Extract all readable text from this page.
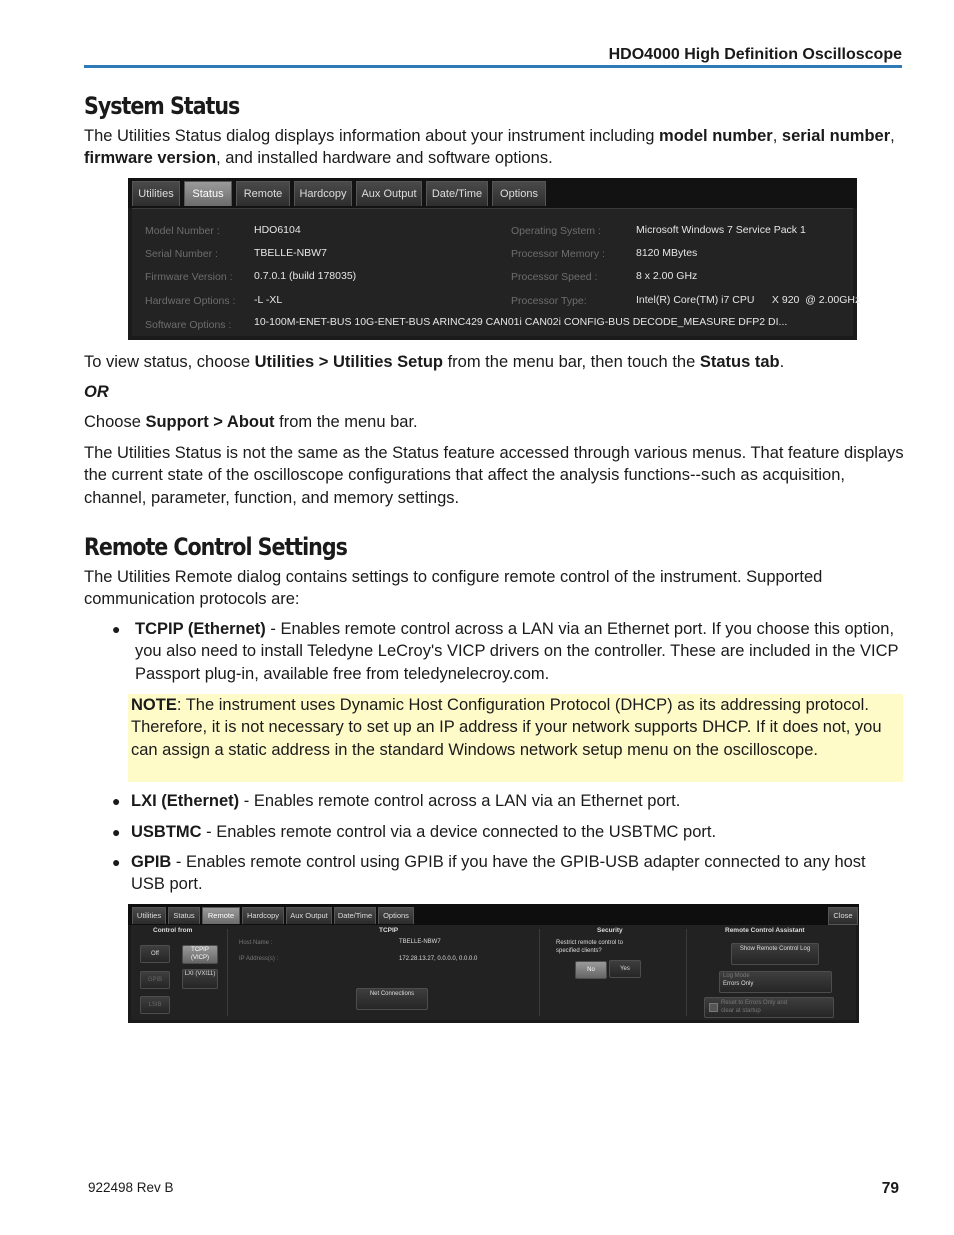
HDO4000 High Definition Oscilloscope
System Status

The Utilities Status dialog displays information about your instrument including model number, serial number, firmware version, and installed hardware and software options.

Utilities	Status	Remote	Hardcopy	Aux Output	Date/Time	Options
Model Number :	HDO6104
Serial Number :	TBELLE-NBW7
Firmware Version : 0.7.0.1 (build 178035)
Hardware Options : -L -XL
Software Options : 10-100M-ENET-BUS 10G-ENET-BUS ARINC429 CAN01i CAN02i CONFIG-BUS DECODE_MEASURE DFP2 DI...
Operating System :	Microsoft Windows 7 Service Pack 1
Processor Memory :	8120 MBytes
Processor Speed :	8 x 2.00 GHz
Processor Type:	Intel(R) Core(TM) i7 CPU      X 920  @ 2.00GHz

To view status, choose Utilities > Utilities Setup from the menu bar, then touch the Status tab.

OR

Choose Support > About from the menu bar.

The Utilities Status is not the same as the Status feature accessed through various menus. That feature displays the current state of the oscilloscope configurations that affect the analysis functions--such as acquisition, channel, parameter, function, and memory settings.

Remote Control Settings

The Utilities Remote dialog contains settings to configure remote control of the instrument. Supported communication protocols are:

● TCPIP (Ethernet) - Enables remote control across a LAN via an Ethernet port. If you choose this option, you also need to install Teledyne LeCroy's VICP drivers on the controller. These are included in the VICP Passport plug-in, available free from teledynelecroy.com.

NOTE: The instrument uses Dynamic Host Configuration Protocol (DHCP) as its addressing protocol. Therefore, it is not necessary to set up an IP address if your network supports DHCP. If it does not, you can assign a static address in the standard Windows network setup menu on the oscilloscope.

● LXI (Ethernet) - Enables remote control across a LAN via an Ethernet port.

● USBTMC - Enables remote control via a device connected to the USBTMC port.

● GPIB - Enables remote control using GPIB if you have the GPIB-USB adapter connected to any host USB port.

Utilities	Status	Remote	Hardcopy	Aux Output	Date/Time	Options	Close
Control from
Off
TCPIP (VICP)
GPIB
LXI (VXI11)
LSIB
TCPIP
Host Name :	TBELLE-NBW7
IP Address(s) :	172.28.13.27, 0.0.0.0, 0.0.0.0
Net Connections
Security
Restrict remote control to specified clients?
No	Yes
Remote Control Assistant
Show Remote Control Log
Log Mode
Errors Only
Reset to Errors Only and clear at startup
922498 Rev B	79
